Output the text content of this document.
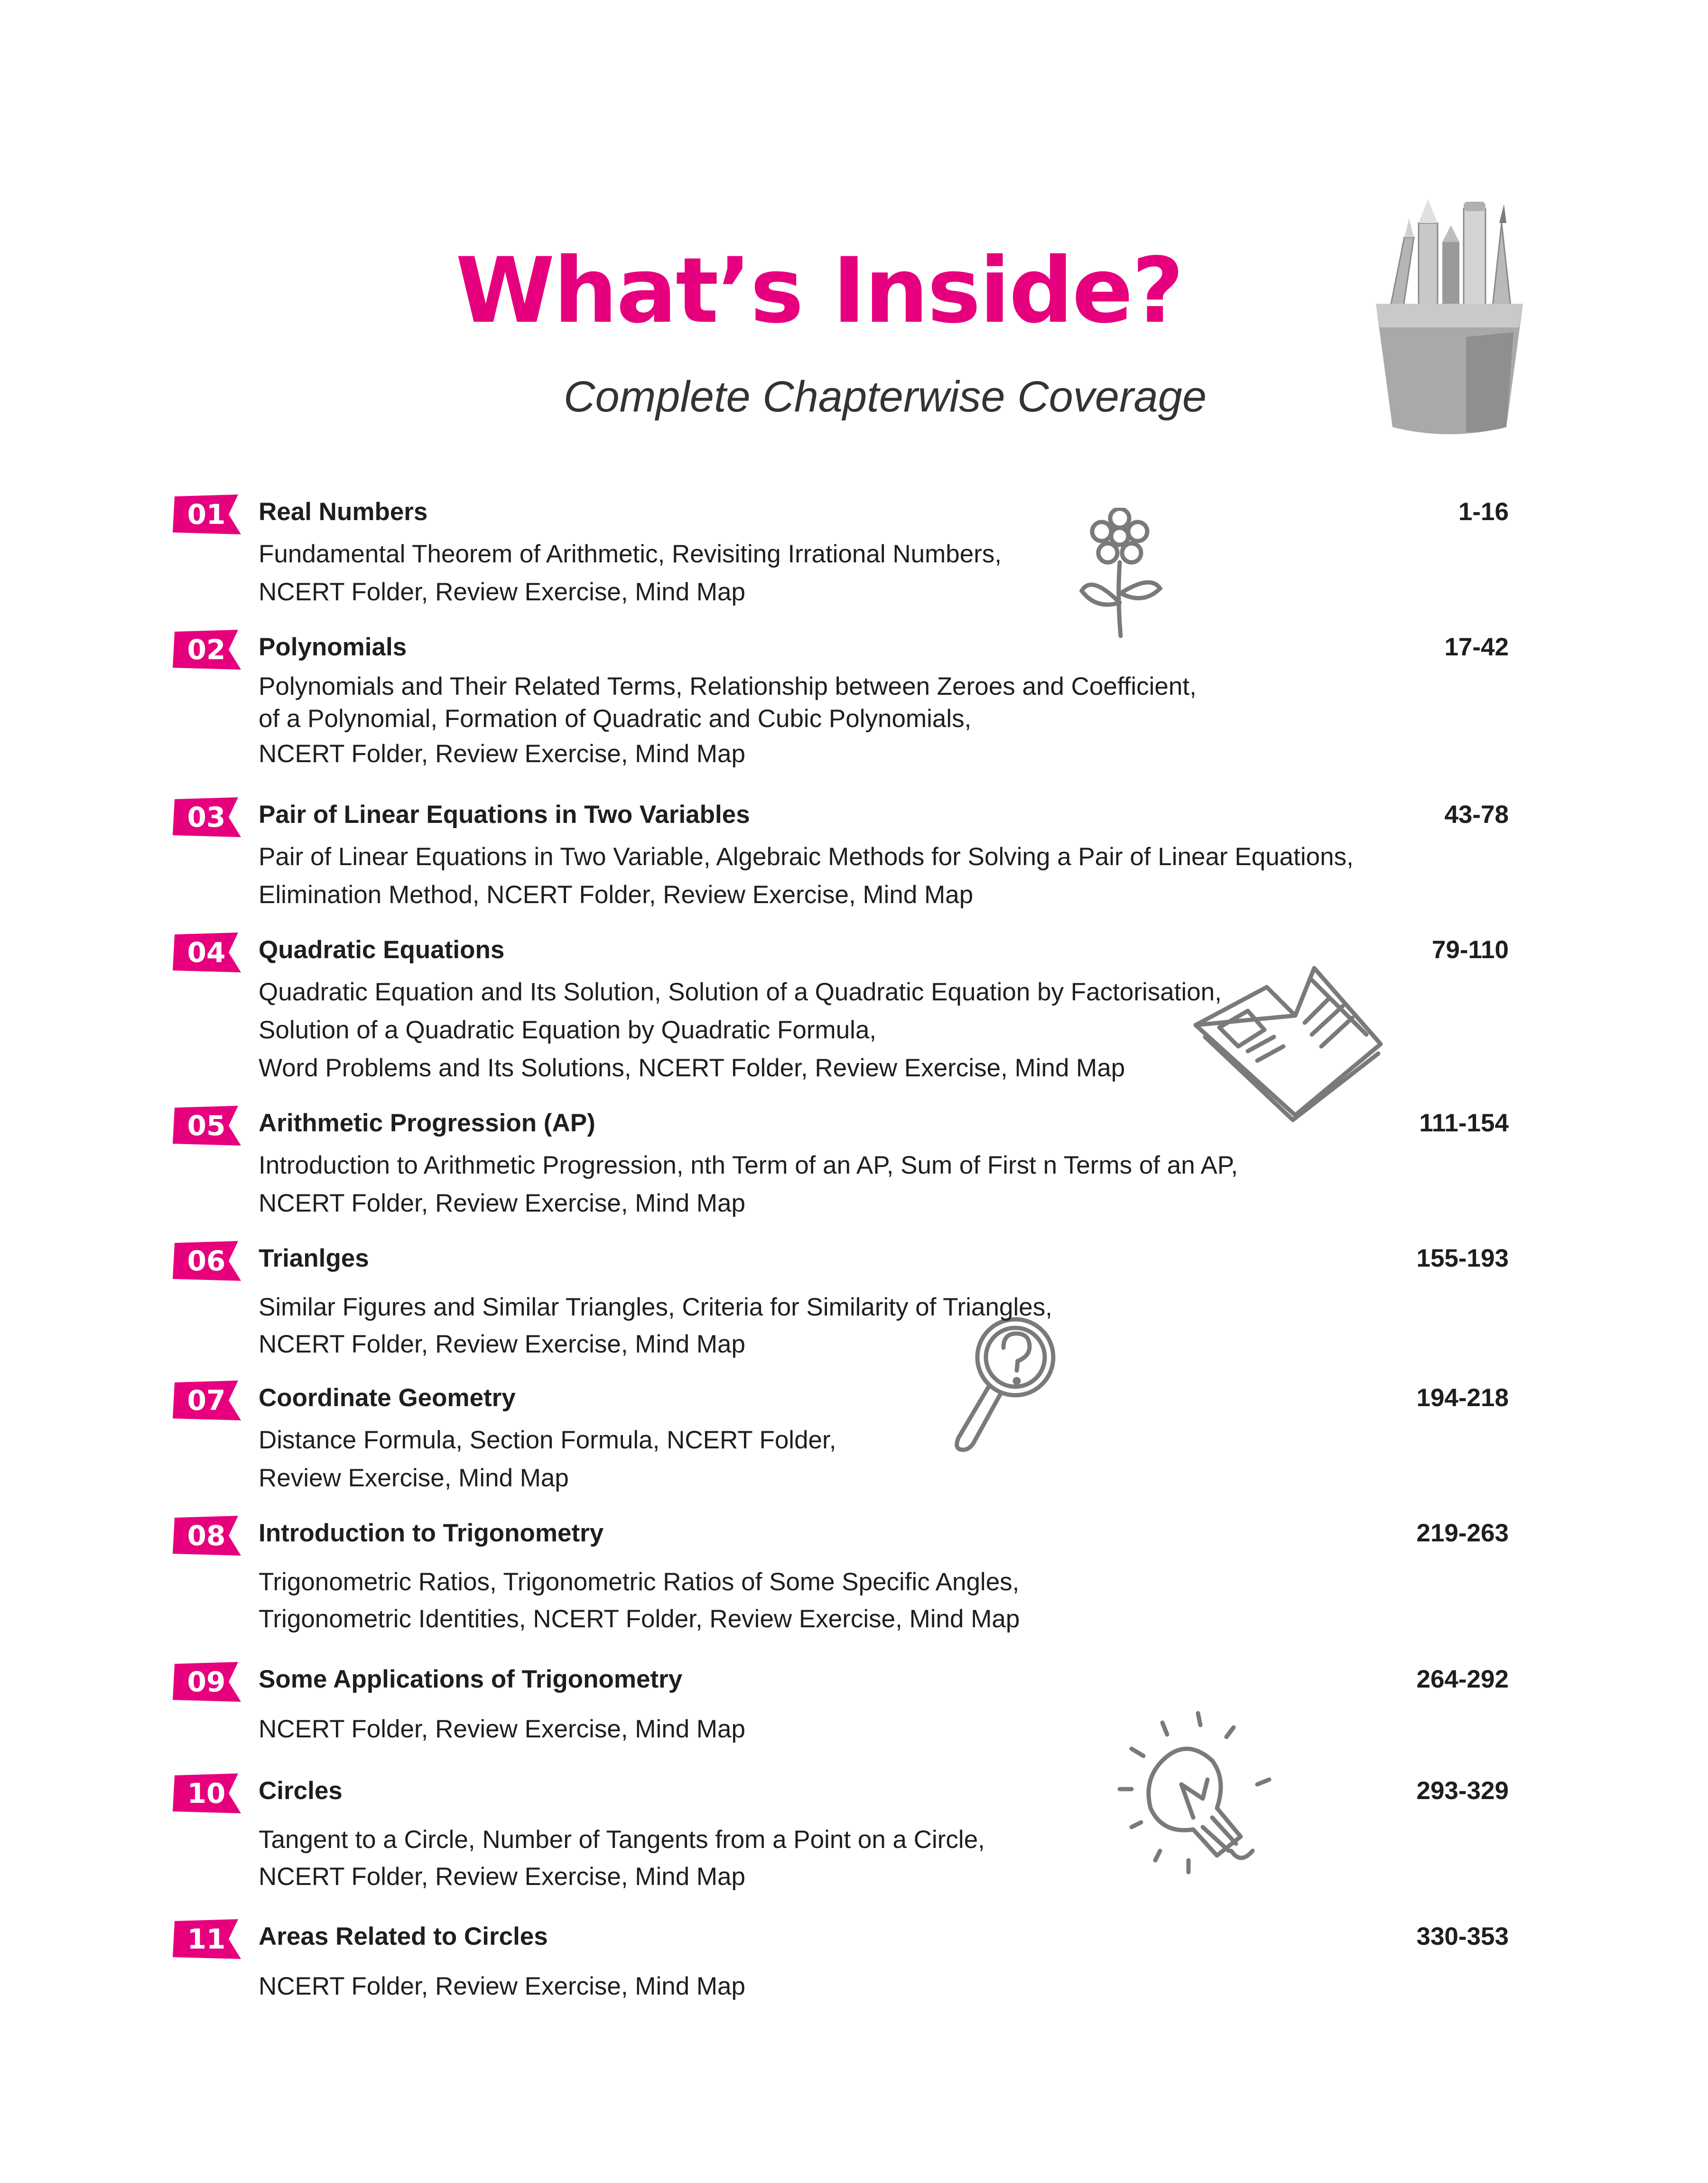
What’s Inside?

Complete Chapterwise Coverage

01	Real Numbers	1-16
Fundamental Theorem of Arithmetic, Revisiting Irrational Numbers,
NCERT Folder, Review Exercise, Mind Map
02	Polynomials	17-42
Polynomials and Their Related Terms, Relationship between Zeroes and Coefficient,
of a Polynomial, Formation of Quadratic and Cubic Polynomials,
NCERT Folder, Review Exercise, Mind Map
03	Pair of Linear Equations in Two Variables	43-78
Pair of Linear Equations in Two Variable, Algebraic Methods for Solving a Pair of Linear Equations,
Elimination Method, NCERT Folder, Review Exercise, Mind Map
04	Quadratic Equations	79-110
Quadratic Equation and Its Solution, Solution of a Quadratic Equation by Factorisation,
Solution of a Quadratic Equation by Quadratic Formula,
Word Problems and Its Solutions, NCERT Folder, Review Exercise, Mind Map
05	Arithmetic Progression (AP)	111-154
Introduction to Arithmetic Progression, nth Term of an AP, Sum of First n Terms of an AP,
NCERT Folder, Review Exercise, Mind Map
06	Trianlges	155-193
Similar Figures and Similar Triangles, Criteria for Similarity of Triangles,
NCERT Folder, Review Exercise, Mind Map
07	Coordinate Geometry	194-218
Distance Formula, Section Formula, NCERT Folder,
Review Exercise, Mind Map
08	Introduction to Trigonometry	219-263
Trigonometric Ratios, Trigonometric Ratios of Some Specific Angles,
Trigonometric Identities, NCERT Folder, Review Exercise, Mind Map
09	Some Applications of Trigonometry	264-292
NCERT Folder, Review Exercise, Mind Map
10	Circles	293-329
Tangent to a Circle, Number of Tangents from a Point on a Circle,
NCERT Folder, Review Exercise, Mind Map
11	Areas Related to Circles	330-353
NCERT Folder, Review Exercise, Mind Map
